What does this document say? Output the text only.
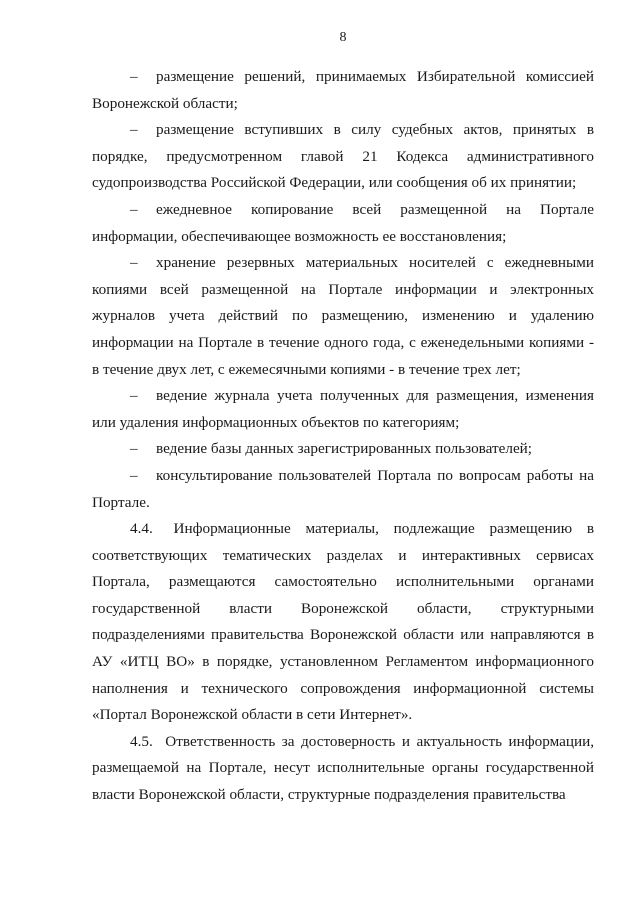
8

– размещение решений, принимаемых Избирательной комиссией Воронежской области;

– размещение вступивших в силу судебных актов, принятых в порядке, предусмотренном главой 21 Кодекса административного судопроизводства Российской Федерации, или сообщения об их принятии;

– ежедневное копирование всей размещенной на Портале информации, обеспечивающее возможность ее восстановления;

– хранение резервных материальных носителей с ежедневными копиями всей размещенной на Портале информации и электронных журналов учета действий по размещению, изменению и удалению информации на Портале в течение одного года, с еженедельными копиями - в течение двух лет, с ежемесячными копиями - в течение трех лет;

– ведение журнала учета полученных для размещения, изменения или удаления информационных объектов по категориям;

– ведение базы данных зарегистрированных пользователей;

– консультирование пользователей Портала по вопросам работы на Портале.

4.4. Информационные материалы, подлежащие размещению в соответствующих тематических разделах и интерактивных сервисах Портала, размещаются самостоятельно исполнительными органами государственной власти Воронежской области, структурными подразделениями правительства Воронежской области или направляются в АУ «ИТЦ ВО» в порядке, установленном Регламентом информационного наполнения и технического сопровождения информационной системы «Портал Воронежской области в сети Интернет».

4.5. Ответственность за достоверность и актуальность информации, размещаемой на Портале, несут исполнительные органы государственной власти Воронежской области, структурные подразделения правительства
